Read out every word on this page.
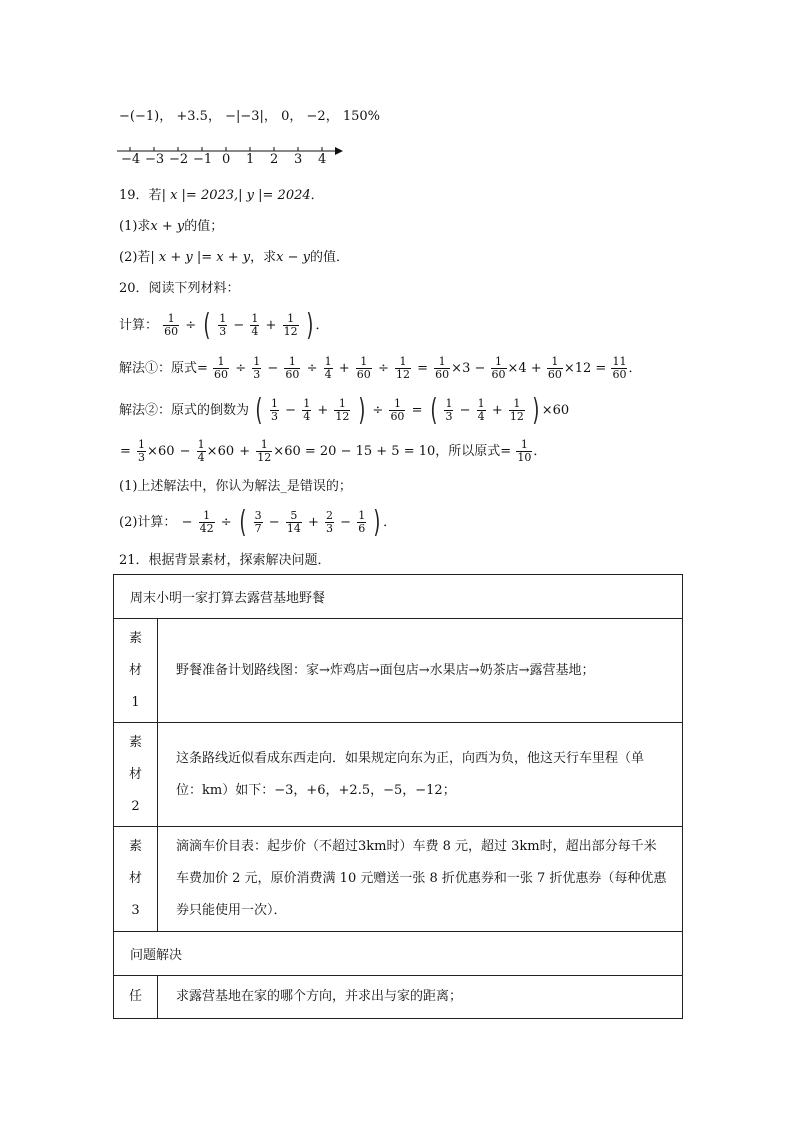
−(−1)， +3.5， −|−3|， 0， −2， 150%
−4 −3 −2 −1 0 1 2 3 4
19．若| x |= 2023,| y |= 2024．
(1)求x + y的值；
(2)若| x + y |= x + y，求x − y的值．
20．阅读下列材料：
计算： $\frac{1}{60}$ ÷ ( $\frac{1}{3} - \frac{1}{4} + \frac{1}{12}$ ) ．
解法①：原式= $\frac{1}{60} \div \frac{1}{3} - \frac{1}{60} \div \frac{1}{4} + \frac{1}{60} \div \frac{1}{12} = \frac{1}{60} \times 3 - \frac{1}{60} \times 4 + \frac{1}{60} \times 12 = \frac{11}{60}$ ．
解法②：原式的倒数为 ( $\frac{1}{3} - \frac{1}{4} + \frac{1}{12}$ ) ÷ $\frac{1}{60}$ = ( $\frac{1}{3} - \frac{1}{4} + \frac{1}{12}$ ) ×60
= $\frac{1}{3} \times 60 - \frac{1}{4} \times 60 + \frac{1}{12} \times 60 = 20 - 15 + 5 = 10$，所以原式= $\frac{1}{10}$ ．
(1)上述解法中，你认为解法_是错误的；
(2)计算： − $\frac{1}{42}$ ÷ ( $\frac{3}{7} - \frac{5}{14} + \frac{2}{3} - \frac{1}{6}$ ) ．
21．根据背景素材，探索解决问题．
周末小明一家打算去露营基地野餐	
素
材
1	野餐准备计划路线图：家→炸鸡店→面包店→水果店→奶茶店→露营基地；
素
材
2	这条路线近似看成东西走向．如果规定向东为正，向西为负，他这天行车里程（单位：km）如下：−3，+6，+2.5，−5，−12；
素
材
3	滴滴车价目表：起步价（不超过3km时）车费 8 元，超过 3km时，超出部分每千米车费加价 2 元，原价消费满 10 元赠送一张 8 折优惠券和一张 7 折优惠券（每种优惠券只能使用一次）．
问题解决	
任	求露营基地在家的哪个方向，并求出与家的距离；
